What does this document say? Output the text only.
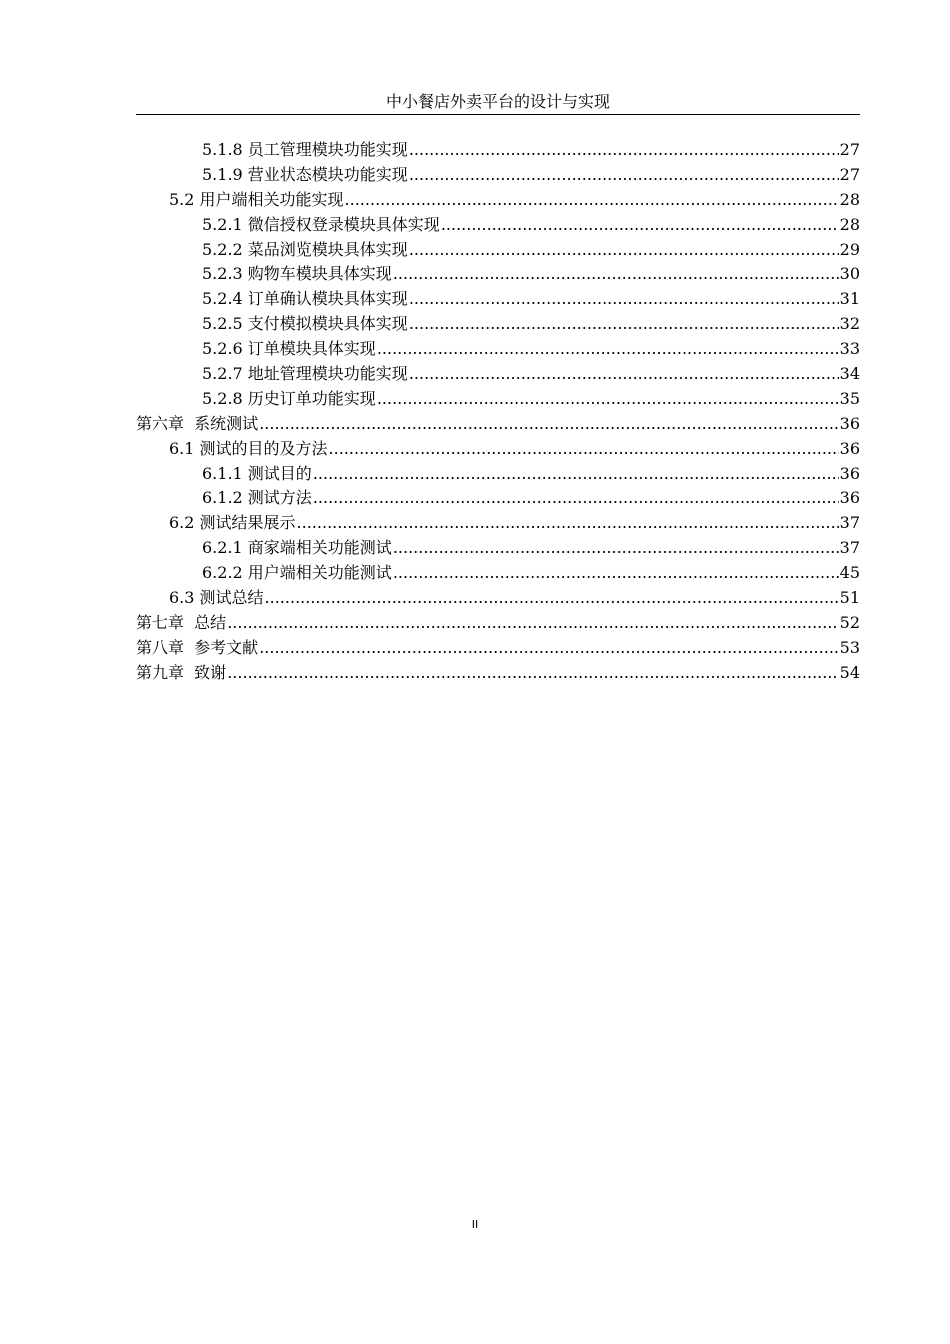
中小餐店外卖平台的设计与实现
5.1.8 员工管理模块功能实现 .....	27
5.1.9 营业状态模块功能实现 .....	27
5.2 用户端相关功能实现 .....	28
5.2.1 微信授权登录模块具体实现 .....	28
5.2.2 菜品浏览模块具体实现 .....	29
5.2.3 购物车模块具体实现 .....	30
5.2.4 订单确认模块具体实现 .....	31
5.2.5 支付模拟模块具体实现 .....	32
5.2.6 订单模块具体实现 .....	33
5.2.7 地址管理模块功能实现 .....	34
5.2.8 历史订单功能实现 .....	35
第六章  系统测试 .....	36
6.1 测试的目的及方法 .....	36
6.1.1 测试目的 .....	36
6.1.2 测试方法 .....	36
6.2 测试结果展示 .....	37
6.2.1 商家端相关功能测试 .....	37
6.2.2 用户端相关功能测试 .....	45
6.3 测试总结 .....	51
第七章  总结 .....	52
第八章  参考文献 .....	53
第九章  致谢 .....	54
II
